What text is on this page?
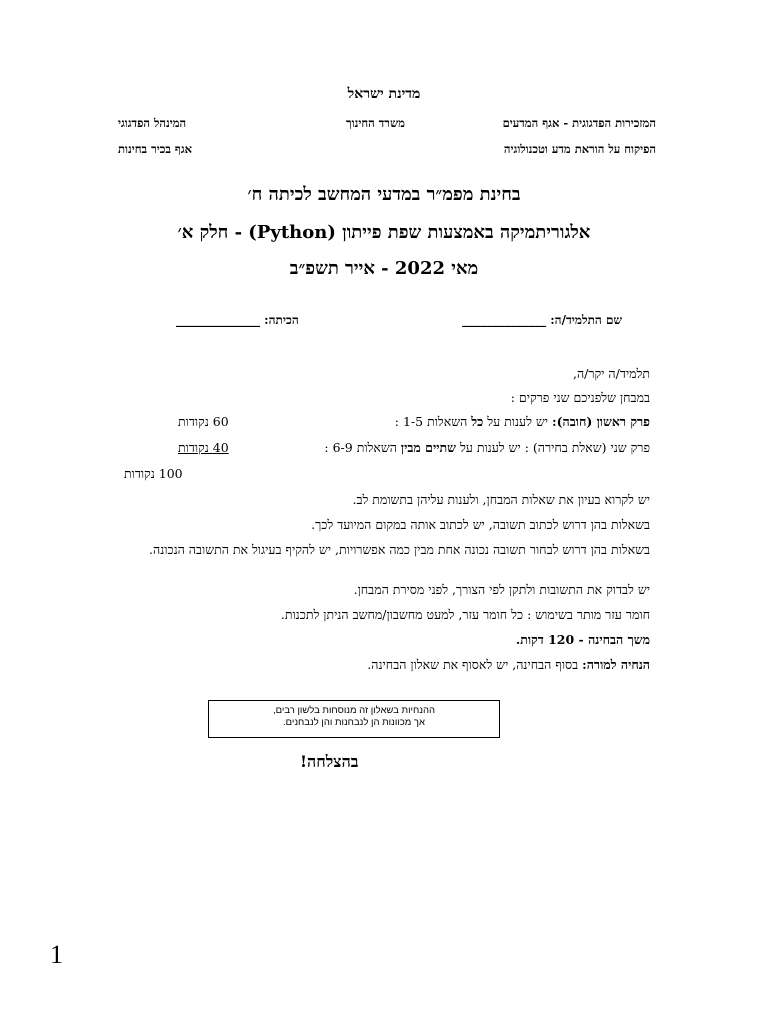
מדינת ישראל
המזכירות הפדגוגית - אגף המדעים
הפיקוח על הוראת מדע וטכנולוגיה
משרד החינוך
המינהל הפדגוגי
אגף בכיר בחינות
בחינת מפמ״ר במדעי המחשב לכיתה ח׳
אלגוריתמיקה באמצעות שפת פייתון (Python) - חלק א׳
מאי 2022 - אייר תשפ״ב
שם התלמיד/ה: ______________
הכיתה: ______________
תלמיד/ה יקר/ה,
במבחן שלפניכם שני פרקים :
פרק ראשון (חובה): יש לענות על כל השאלות 1-5 :
60 נקודות
פרק שני (שאלת בחירה) : יש לענות על שתיים מבין השאלות 6-9 :
40 נקודות
100 נקודות
יש לקרוא בעיון את שאלות המבחן, ולענות עליהן בתשומת לב.
בשאלות בהן דרוש לכתוב תשובה, יש לכתוב אותה במקום המיועד לכך.
בשאלות בהן דרוש לבחור תשובה נכונה אחת מבין כמה אפשרויות, יש להקיף בעיגול את התשובה הנכונה.
יש לבדוק את התשובות ולתקן לפי הצורך, לפני מסירת המבחן.
חומר עזר מותר בשימוש : כל חומר עזר, למעט מחשבון/מחשב הניתן לתכנות.
משך הבחינה - 120 דקות.
הנחיה למורה: בסוף הבחינה, יש לאסוף את שאלון הבחינה.
ההנחיות בשאלון זה מנוסחות בלשון רבים,
אך מכוונות הן לנבחנות והן לנבחנים.
בהצלחה!
1
